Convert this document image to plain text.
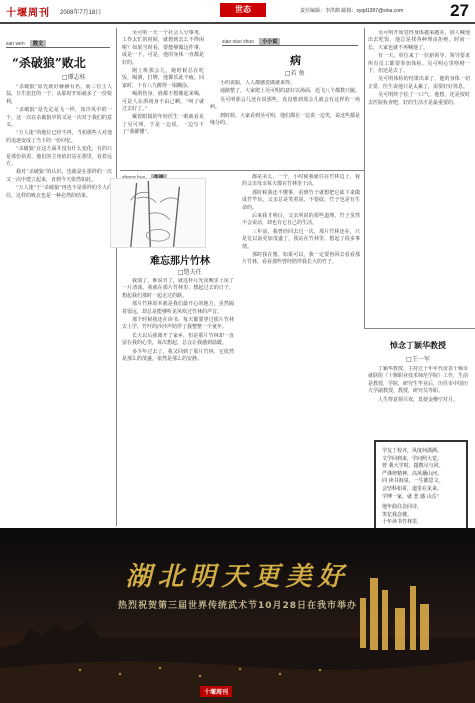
十堰周刊 2008年7月18日	世态	责任编辑：李洪鹤 邮箱：syqd1997@sina.com	27
san wen 散文
“杀破狼”败北
□谭志桂

“杀破狼”原先就好赫赫有名，而三位主人翁，日生张狂的一个，从那时开始就多了一份锐利。

“杀破狼”是先定是飞一样，如冷风中的一个，这一次在杀破狼中的又是一次对于我们的意义。

“万人迷”的地位已经不再，当初那些人对他的追逐变成了当下的一份回忆。

“杀破狼”在这方面并没有什么变化，有的只是那份执着，他们的主角依旧站在那里，看着远方。

我对“杀破狼”的认识，也就是在那样的一次又一次中建立起来，直到今天依然如此。

“万人迷”于“杀破狼”再也不是那样的令人向往，这样的败北也是一种必然的结果。

吴可明一天一个社会人分事务，工作太忙的时候，就想到怎么不得闲呢？如果当时看，要能够做这件事，或是一下，可是，他的身体一直都是好的。

刚上班那会儿，她时候总在吃饭，喝酒，打牌，他都乐此不疲。回家时，十有八九醉得一塌糊涂。

喝酒伤身，谁都不想搬起来喝，可是人在酒场身不由己啊。“叫了就过去好了。”

戴着眼镜的年轻医生一眼就看见了吴可明，于是一边说，一边写下了“我都懂”。

xiao xiao shuo 小小说
病
□若 鱼

小的说服，人人都感觉做就来得。

通路整了，大家爬上吴可明的意好以场面，迅飞八个都教只腿。

吴可明那会儿还在说那些，真没想到那会儿就会有这样的一场病。

到时候，大家看到吴可明，他们都在一边说一边笑，说这些都是缘分的。

吴可明开始觉得身体越来越差，别人喊他出去吃饭，他总是找各种理由拒绝。时间一长，大家也就不再喊他了。

有一天，单位来了一位新领导，领导要求所有员工都要参加体检。吴可明心里咯噔一下，但还是去了。

吴可明体检的结果出来了，他的身体一切正常，医生说他只是太累了，需要好好休息。

吴可明终于松了一口气，他想，还是按时去医院检查吧，好的生活才是最重要的。

sheng huo 生活
难忘那片竹林
□铠夫任

我演了，难说肯了，就这样月光夜晚里上床了一片清谈。我就在那片竹林里，想起过去的日子，想起我们那时一起走过的路。

那片竹林原本就是我们最开心的地方，虽然隔着很远，却总是能够听见风吹过竹林的声音。

那个时候我还在读书，每天都要穿过那片竹林去上学，竹叶的沙沙声陪伴了我整整一个童年。

长大以后我离开了家乡，但是那片竹林却一直留在我的心里，每次想起，总会让我感到温暖。

多少年过去了，我又回到了那片竹林，它依然是那么的茂盛，依然是那么的安静。

都是美么，一个，小时候我就住在竹林边上，我的父亲母亲每天都在竹林里干活。

那时候我还不懂事，看到竹子就想把它砍下来做成竹竿玩，父亲总是笑着说，不要砍，竹子也是有生命的。

后来我才明白，父亲所说的那些道理，竹子虽然不会说话，却也有它自己的生活。

三年前，我曾经回去过一次，那片竹林还在，只是比以前更加茂盛了，我站在竹林里，想起了很多事情。

那时我在想，如果可以，我一定要再回去看看那片竹林，看看那些曾经陪伴我长大的竹子。

悼念丁颖华教授
□王一军

丁颖华教授，主持过十年年代征表十堰市就联组《十堰职业技术师范学院》工作，生前是教授，学院，研究生毕业后，历任市中国历大学副教授，教授，研究员等职。

人生得意须尽欢，莫使金樽空对月。

学友丁校齐，风度何潇洒。
文学回到来，学问照大觉。
曾 我大学时，提携尽与同。
严谨律精神，高风播山河。
同 读书海泉，一生都思文。
会坚科如哥，道里在见来。
学博一家，就 悲 感 山岳！
他年曲往念同诗，
笑忆我念楼。
十年读书竹林里，
湖北明天更美好
热烈祝贺第三届世界传统武术节10月28日在我市举办
十堰周刊
